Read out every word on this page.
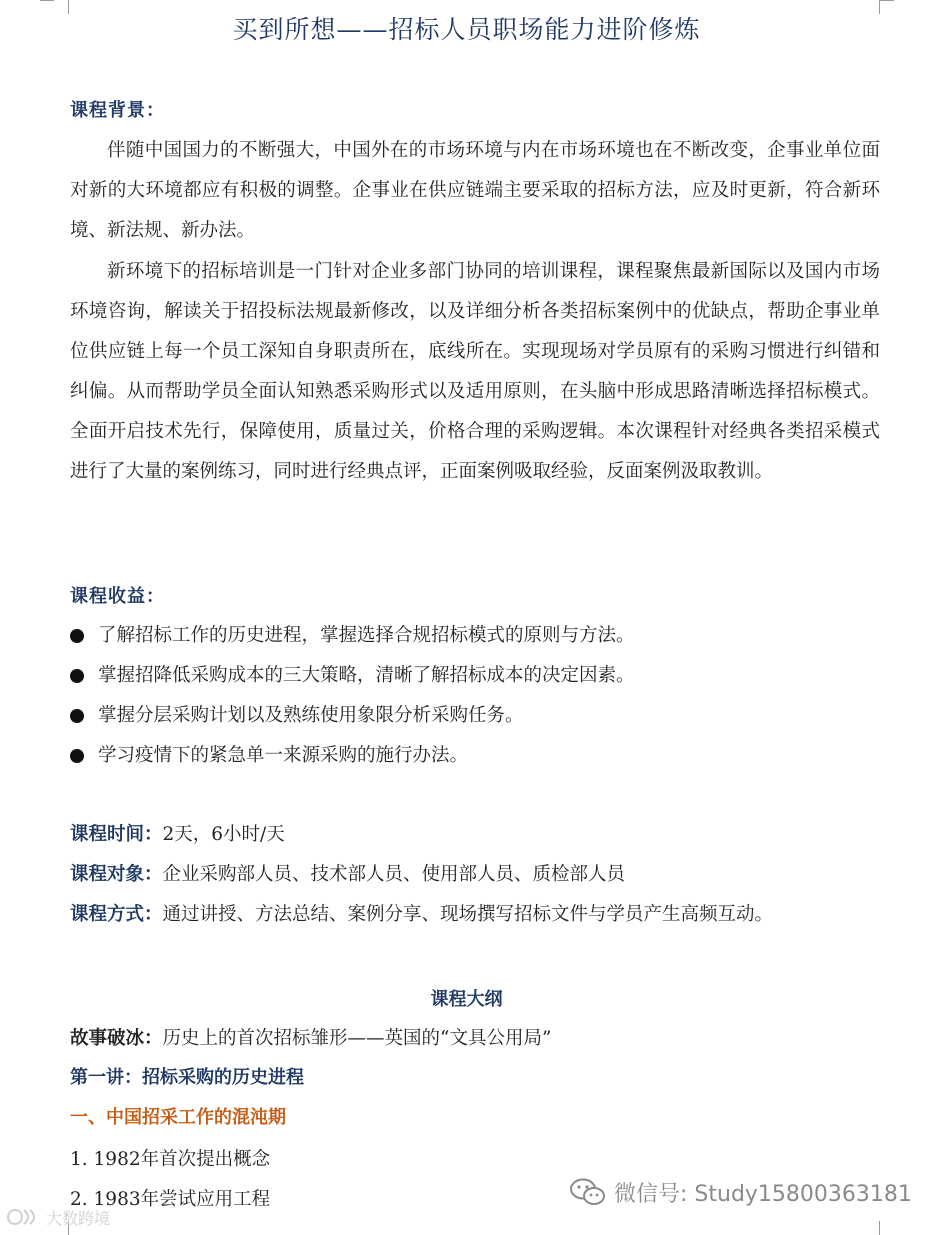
买到所想——招标人员职场能力进阶修炼
课程背景：
伴随中国国力的不断强大，中国外在的市场环境与内在市场环境也在不断改变，企事业单位面对新的大环境都应有积极的调整。企事业在供应链端主要采取的招标方法，应及时更新，符合新环境、新法规、新办法。
新环境下的招标培训是一门针对企业多部门协同的培训课程，课程聚焦最新国际以及国内市场环境咨询，解读关于招投标法规最新修改，以及详细分析各类招标案例中的优缺点，帮助企事业单位供应链上每一个员工深知自身职责所在，底线所在。实现现场对学员原有的采购习惯进行纠错和纠偏。从而帮助学员全面认知熟悉采购形式以及适用原则，在头脑中形成思路清晰选择招标模式。全面开启技术先行，保障使用，质量过关，价格合理的采购逻辑。本次课程针对经典各类招采模式进行了大量的案例练习，同时进行经典点评，正面案例吸取经验，反面案例汲取教训。
课程收益：
了解招标工作的历史进程，掌握选择合规招标模式的原则与方法。
掌握招降低采购成本的三大策略，清晰了解招标成本的决定因素。
掌握分层采购计划以及熟练使用象限分析采购任务。
学习疫情下的紧急单一来源采购的施行办法。
课程时间：2天，6小时/天
课程对象：企业采购部人员、技术部人员、使用部人员、质检部人员
课程方式：通过讲授、方法总结、案例分享、现场撰写招标文件与学员产生高频互动。
课程大纲
故事破冰：历史上的首次招标雏形——英国的“文具公用局”
第一讲：招标采购的历史进程
一、中国招采工作的混沌期
1. 1982年首次提出概念
2. 1983年尝试应用工程	微信号: Study15800363181
大数跨境
